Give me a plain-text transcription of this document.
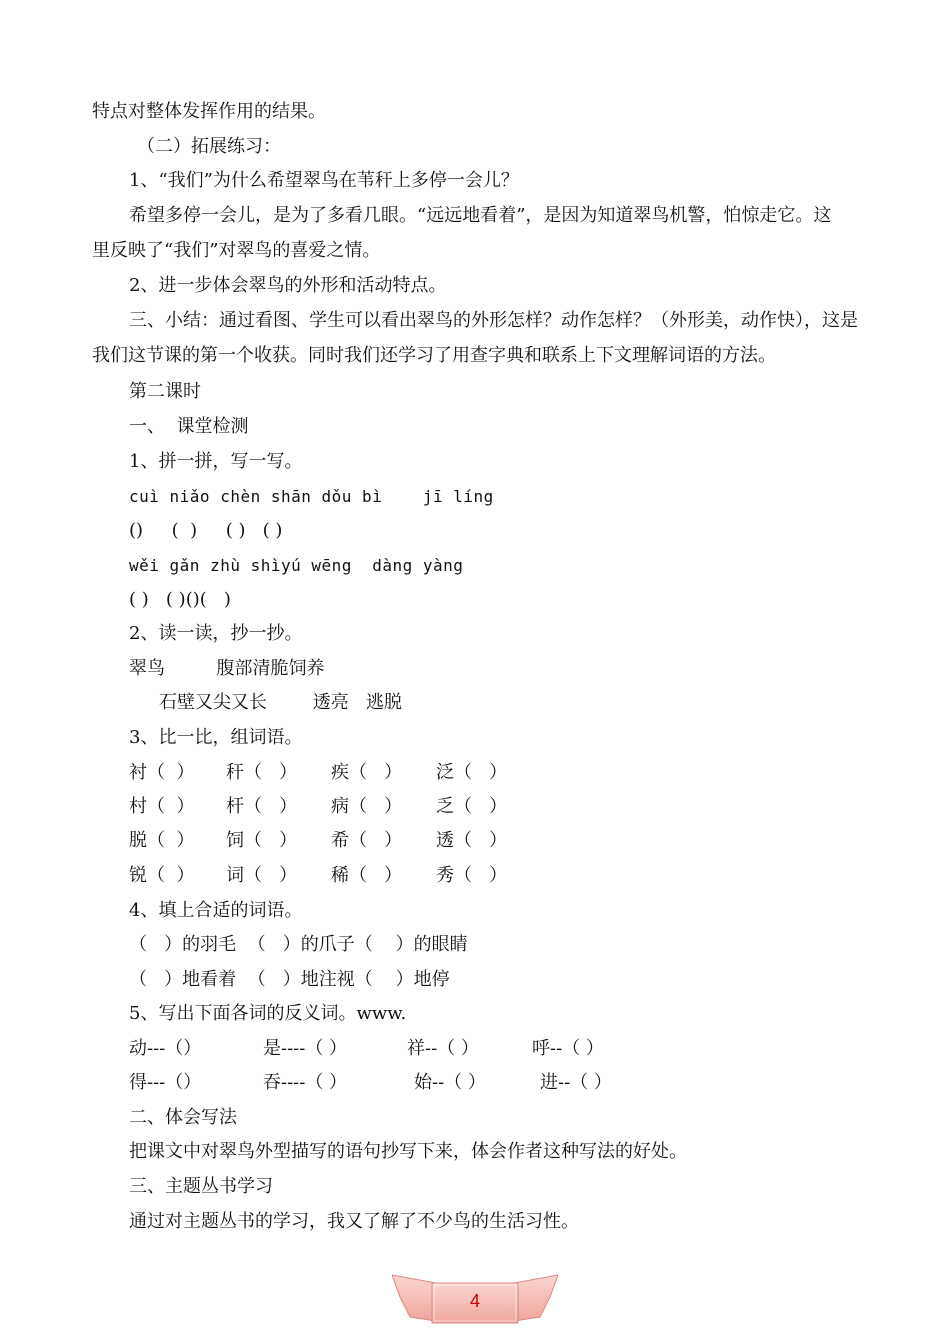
特点对整体发挥作用的结果。
（二）拓展练习：
1、“我们”为什么希望翠鸟在苇秆上多停一会儿？
希望多停一会儿，是为了多看几眼。“远远地看着”，是因为知道翠鸟机警，怕惊走它。这
里反映了“我们”对翠鸟的喜爱之情。
2、进一步体会翠鸟的外形和活动特点。
三、小结：通过看图、学生可以看出翠鸟的外形怎样？动作怎样？（外形美，动作快），这是
我们这节课的第一个收获。同时我们还学习了用查字典和联系上下文理解词语的方法。
第二课时
一、  课堂检测
1、拼一拼，写一写。
cuì niǎo chèn shān dǒu bì    jī líng
()     (  )     ( )   ( )
wěi gǎn zhù shìyú wēng  dàng yàng
( )   ( )()(   )
2、读一读，抄一抄。
翠鸟         腹部清脆饲养
石壁又尖又长        透亮   逃脱
3、比一比，组词语。
衬（  ） 秆（   ） 疾（   ） 泛（   ）
村（  ） 杆（   ） 病（   ） 乏（   ）
脱（  ） 饲（   ） 希（   ） 透（   ）
锐（  ） 词（   ） 稀（   ） 秀（   ）
4、填上合适的词语。
（   ）的羽毛  （   ）的爪子（    ）的眼睛
（   ）地看着  （   ）地注视（    ）地停
5、写出下面各词的反义词。www.
动---（）	是----（ ）	祥--（ ）	呼--（ ）
得---（）	吞----（ ）	始--（ ）	进--（ ）
二、体会写法
把课文中对翠鸟外型描写的语句抄写下来，体会作者这种写法的好处。
三、主题丛书学习
通过对主题丛书的学习，我又了解了不少鸟的生活习性。
4
